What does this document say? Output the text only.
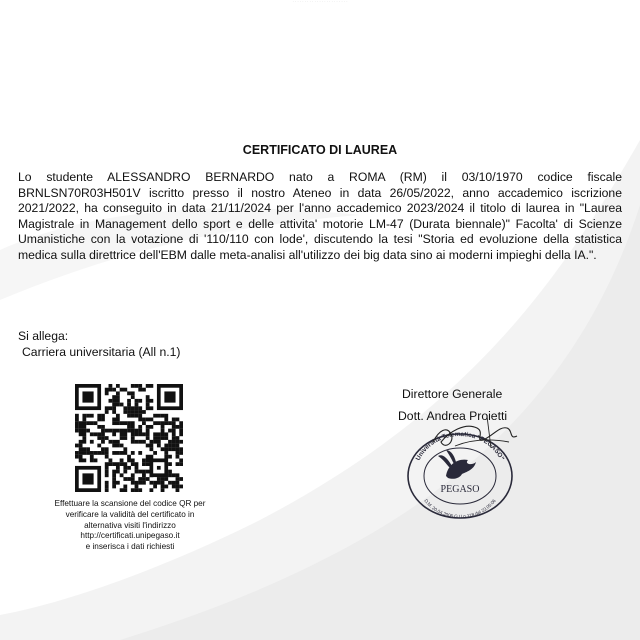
· · · · · · · · · · · · · · · · · · · · · · ·
CERTIFICATO DI LAUREA
Lo studente ALESSANDRO BERNARDO nato a ROMA (RM) il 03/10/1970 codice fiscale BRNLSN70R03H501V iscritto presso il nostro Ateneo in data 26/05/2022, anno accademico iscrizione 2021/2022, ha conseguito in data 21/11/2024 per l'anno accademico 2023/2024 il titolo di laurea in "Laurea Magistrale in Management dello sport e delle attivita' motorie LM-47 (Durata biennale)" Facolta' di Scienze Umanistiche con la votazione di '110/110 con lode', discutendo la tesi "Storia ed evoluzione della statistica medica sulla direttrice dell'EBM dalle meta-analisi all'utilizzo dei big data sino ai moderni impieghi della IA.".
Si allega:
Carriera universitaria (All n.1)
Effettuare la scansione del codice QR per
verificare la validità del certificato in
alternativa visiti l'indirizzo
http://certificati.unipegaso.it
e inserisca i dati richiesti
Direttore Generale
Dott. Andrea Proietti
Università Telematica "PEGASO"
D.M. 20.04.2006 G.U.n.118 del 23.05.06
PEGASO
